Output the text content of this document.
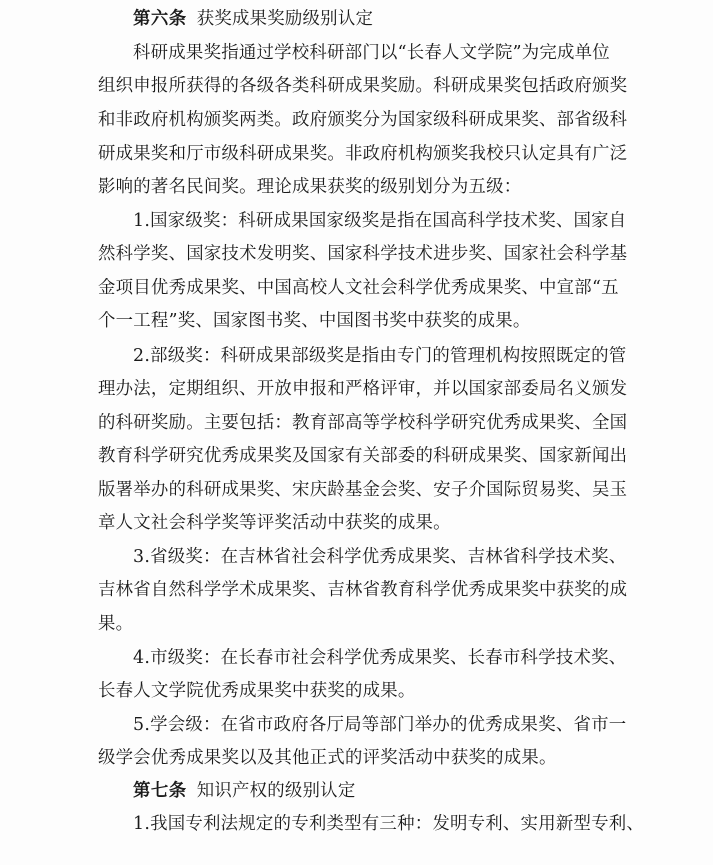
第六条 获奖成果奖励级别认定
科研成果奖指通过学校科研部门以“长春人文学院”为完成单位
组织申报所获得的各级各类科研成果奖励。科研成果奖包括政府颁奖
和非政府机构颁奖两类。政府颁奖分为国家级科研成果奖、部省级科
研成果奖和厅市级科研成果奖。非政府机构颁奖我校只认定具有广泛
影响的著名民间奖。理论成果获奖的级别划分为五级：
1.国家级奖：科研成果国家级奖是指在国高科学技术奖、国家自
然科学奖、国家技术发明奖、国家科学技术进步奖、国家社会科学基
金项目优秀成果奖、中国高校人文社会科学优秀成果奖、中宣部“五
个一工程”奖、国家图书奖、中国图书奖中获奖的成果。
2.部级奖：科研成果部级奖是指由专门的管理机构按照既定的管
理办法，定期组织、开放申报和严格评审，并以国家部委局名义颁发
的科研奖励。主要包括：教育部高等学校科学研究优秀成果奖、全国
教育科学研究优秀成果奖及国家有关部委的科研成果奖、国家新闻出
版署举办的科研成果奖、宋庆龄基金会奖、安子介国际贸易奖、吴玉
章人文社会科学奖等评奖活动中获奖的成果。
3.省级奖：在吉林省社会科学优秀成果奖、吉林省科学技术奖、
吉林省自然科学学术成果奖、吉林省教育科学优秀成果奖中获奖的成
果。
4.市级奖：在长春市社会科学优秀成果奖、长春市科学技术奖、
长春人文学院优秀成果奖中获奖的成果。
5.学会级：在省市政府各厅局等部门举办的优秀成果奖、省市一
级学会优秀成果奖以及其他正式的评奖活动中获奖的成果。
第七条 知识产权的级别认定
1.我国专利法规定的专利类型有三种：发明专利、实用新型专利、
